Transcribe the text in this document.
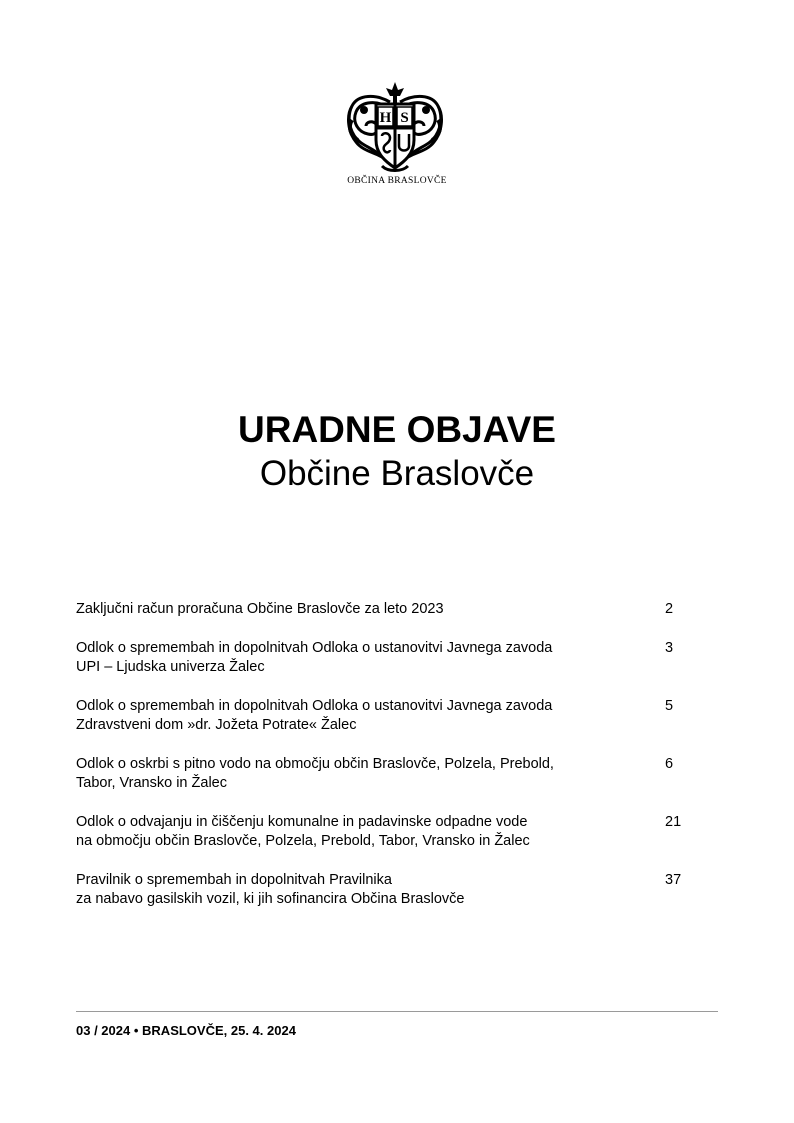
H S
OBČINA BRASLOVČE
URADNE OBJAVE
Občine Braslovče
Zaključni račun proračuna Občine Braslovče za leto 2023	2
Odlok o spremembah in dopolnitvah Odloka o ustanovitvi Javnega zavoda
UPI – Ljudska univerza Žalec
3
Odlok o spremembah in dopolnitvah Odloka o ustanovitvi Javnega zavoda
Zdravstveni dom »dr. Jožeta Potrate« Žalec
5
Odlok o oskrbi s pitno vodo na območju občin Braslovče, Polzela, Prebold,
Tabor, Vransko in Žalec
6
Odlok o odvajanju in čiščenju komunalne in padavinske odpadne vode
na območju občin Braslovče, Polzela, Prebold, Tabor, Vransko in Žalec
21
Pravilnik o spremembah in dopolnitvah Pravilnika
za nabavo gasilskih vozil, ki jih sofinancira Občina Braslovče
37
03 / 2024 • BRASLOVČE, 25. 4. 2024
